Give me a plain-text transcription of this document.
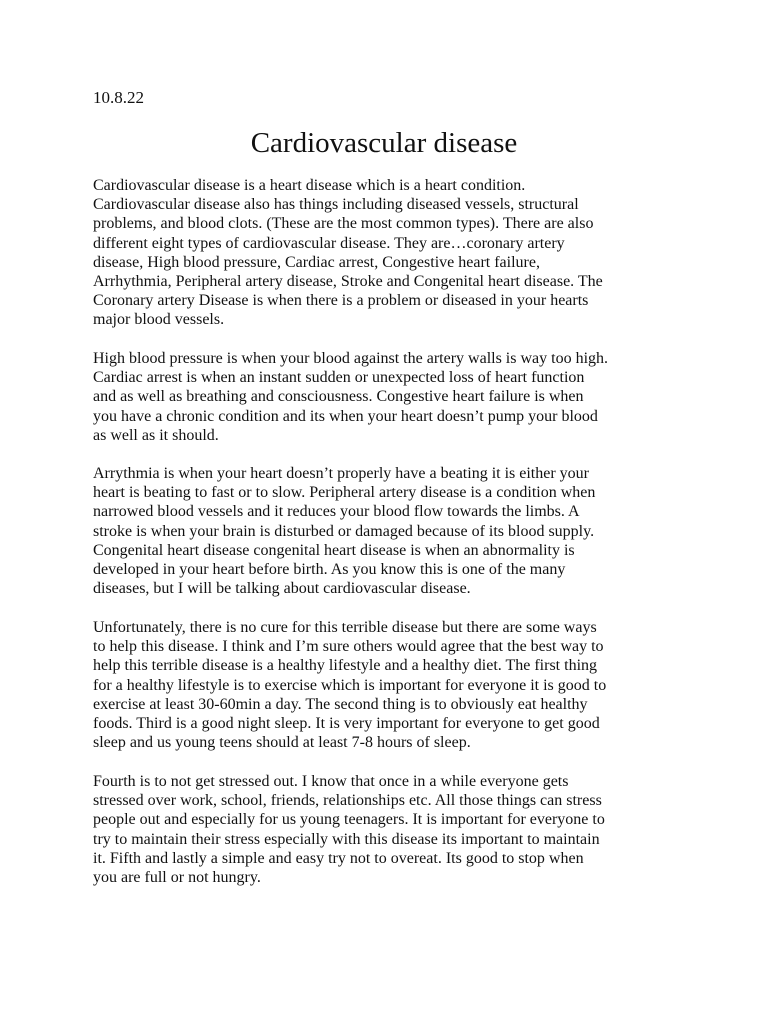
10.8.22
Cardiovascular disease

Cardiovascular disease is a heart disease which is a heart condition.
Cardiovascular disease also has things including diseased vessels, structural
problems, and blood clots. (These are the most common types). There are also
different eight types of cardiovascular disease. They are…coronary artery
disease, High blood pressure, Cardiac arrest, Congestive heart failure,
Arrhythmia, Peripheral artery disease, Stroke and Congenital heart disease. The
Coronary artery Disease is when there is a problem or diseased in your hearts
major blood vessels.

High blood pressure is when your blood against the artery walls is way too high.
Cardiac arrest is when an instant sudden or unexpected loss of heart function
and as well as breathing and consciousness. Congestive heart failure is when
you have a chronic condition and its when your heart doesn’t pump your blood
as well as it should.

Arrythmia is when your heart doesn’t properly have a beating it is either your
heart is beating to fast or to slow. Peripheral artery disease is a condition when
narrowed blood vessels and it reduces your blood flow towards the limbs. A
stroke is when your brain is disturbed or damaged because of its blood supply.
Congenital heart disease congenital heart disease is when an abnormality is
developed in your heart before birth. As you know this is one of the many
diseases, but I will be talking about cardiovascular disease.

Unfortunately, there is no cure for this terrible disease but there are some ways
to help this disease. I think and I’m sure others would agree that the best way to
help this terrible disease is a healthy lifestyle and a healthy diet. The first thing
for a healthy lifestyle is to exercise which is important for everyone it is good to
exercise at least 30-60min a day. The second thing is to obviously eat healthy
foods. Third is a good night sleep. It is very important for everyone to get good
sleep and us young teens should at least 7-8 hours of sleep.

Fourth is to not get stressed out. I know that once in a while everyone gets
stressed over work, school, friends, relationships etc. All those things can stress
people out and especially for us young teenagers. It is important for everyone to
try to maintain their stress especially with this disease its important to maintain
it. Fifth and lastly a simple and easy try not to overeat. Its good to stop when
you are full or not hungry.
